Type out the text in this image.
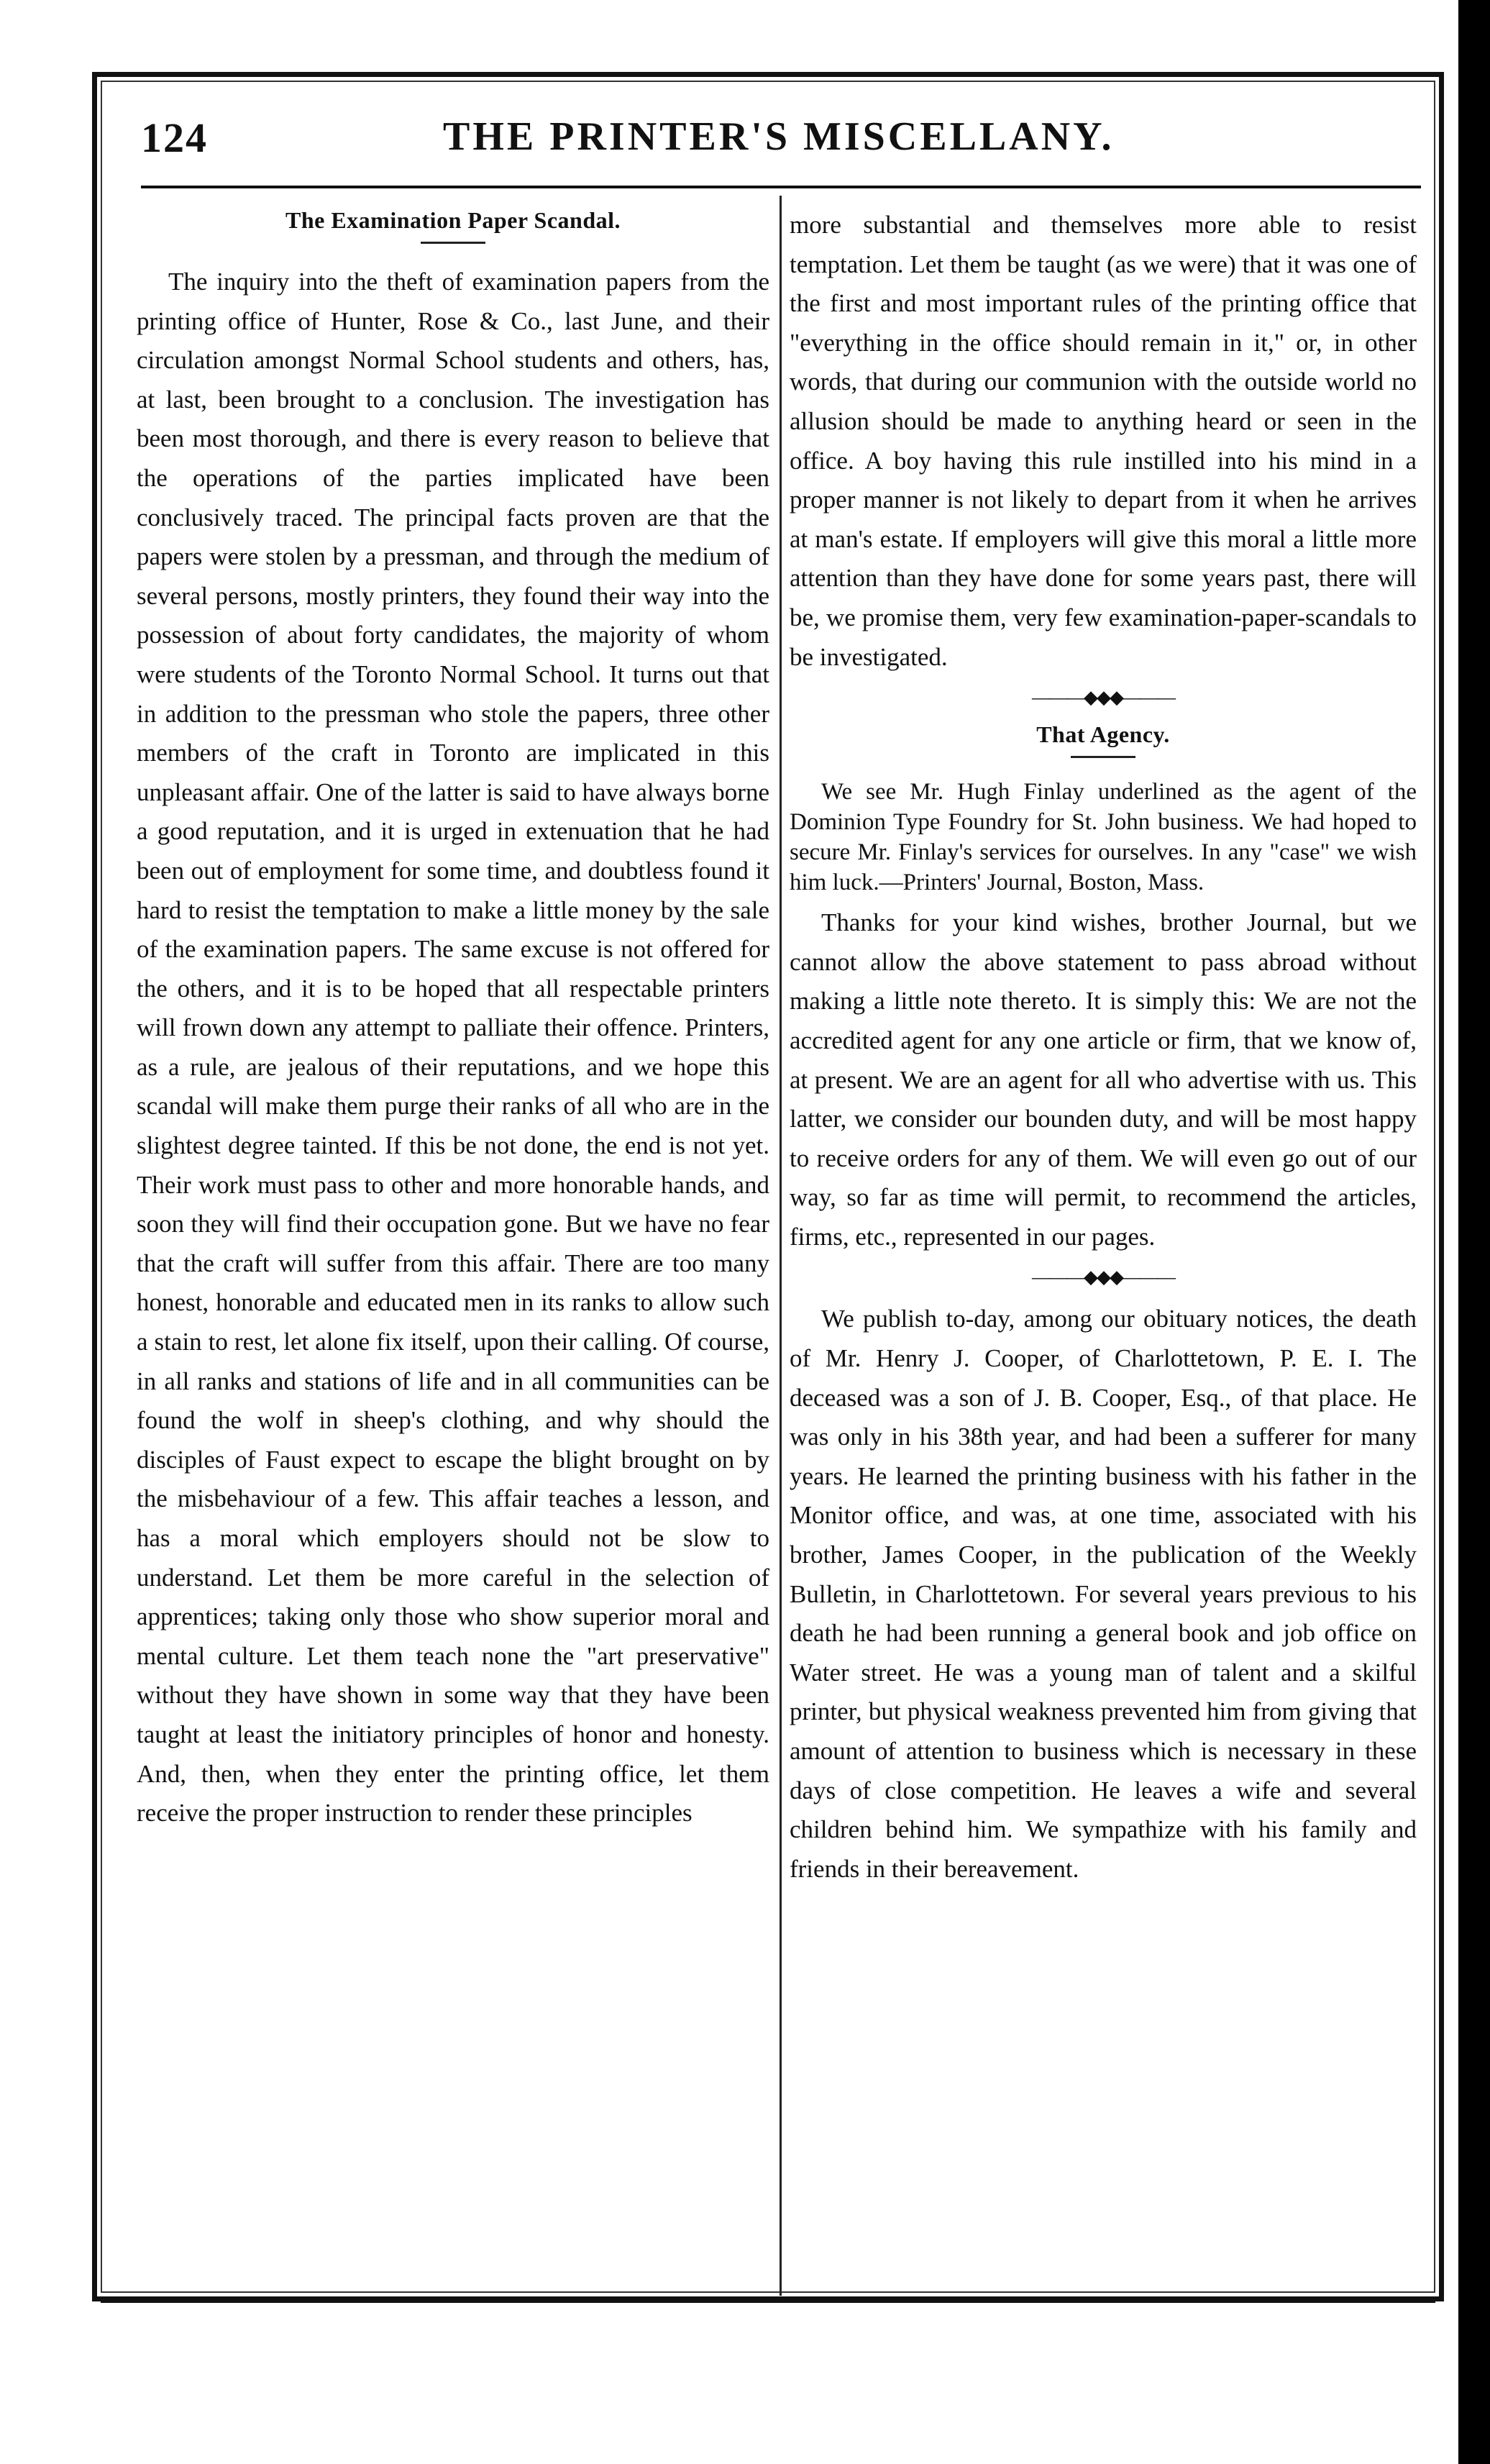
124	THE PRINTER'S MISCELLANY.
The Examination Paper Scandal.

The inquiry into the theft of examination papers from the printing office of Hunter, Rose & Co., last June, and their circulation amongst Normal School students and others, has, at last, been brought to a conclusion. The investigation has been most thorough, and there is every reason to believe that the operations of the parties implicated have been conclusively traced. The principal facts proven are that the papers were stolen by a pressman, and through the medium of several persons, mostly printers, they found their way into the possession of about forty candidates, the majority of whom were students of the Toronto Normal School. It turns out that in addition to the pressman who stole the papers, three other members of the craft in Toronto are implicated in this unpleasant affair. One of the latter is said to have always borne a good reputation, and it is urged in extenuation that he had been out of employment for some time, and doubtless found it hard to resist the temptation to make a little money by the sale of the examination papers. The same excuse is not offered for the others, and it is to be hoped that all respectable printers will frown down any attempt to palliate their offence. Printers, as a rule, are jealous of their reputations, and we hope this scandal will make them purge their ranks of all who are in the slightest degree tainted. If this be not done, the end is not yet. Their work must pass to other and more honorable hands, and soon they will find their occupation gone. But we have no fear that the craft will suffer from this affair. There are too many honest, honorable and educated men in its ranks to allow such a stain to rest, let alone fix itself, upon their calling. Of course, in all ranks and stations of life and in all communities can be found the wolf in sheep's clothing, and why should the disciples of Faust expect to escape the blight brought on by the misbehaviour of a few. This affair teaches a lesson, and has a moral which employers should not be slow to understand. Let them be more careful in the selection of apprentices; taking only those who show superior moral and mental culture. Let them teach none the "art preservative" without they have shown in some way that they have been taught at least the initiatory principles of honor and honesty. And, then, when they enter the printing office, let them receive the proper instruction to render these principles

more substantial and themselves more able to resist temptation. Let them be taught (as we were) that it was one of the first and most important rules of the printing office that "everything in the office should remain in it," or, in other words, that during our communion with the outside world no allusion should be made to anything heard or seen in the office. A boy having this rule instilled into his mind in a proper manner is not likely to depart from it when he arrives at man's estate. If employers will give this moral a little more attention than they have done for some years past, there will be, we promise them, very few examination-paper-scandals to be investigated.

———◆◆◆———
That Agency.

We see Mr. Hugh Finlay underlined as the agent of the Dominion Type Foundry for St. John business. We had hoped to secure Mr. Finlay's services for ourselves. In any "case" we wish him luck.—Printers' Journal, Boston, Mass.

Thanks for your kind wishes, brother Journal, but we cannot allow the above statement to pass abroad without making a little note thereto. It is simply this: We are not the accredited agent for any one article or firm, that we know of, at present. We are an agent for all who advertise with us. This latter, we consider our bounden duty, and will be most happy to receive orders for any of them. We will even go out of our way, so far as time will permit, to recommend the articles, firms, etc., represented in our pages.

———◆◆◆———

We publish to-day, among our obituary notices, the death of Mr. Henry J. Cooper, of Charlottetown, P. E. I. The deceased was a son of J. B. Cooper, Esq., of that place. He was only in his 38th year, and had been a sufferer for many years. He learned the printing business with his father in the Monitor office, and was, at one time, associated with his brother, James Cooper, in the publication of the Weekly Bulletin, in Charlottetown. For several years previous to his death he had been running a general book and job office on Water street. He was a young man of talent and a skilful printer, but physical weakness prevented him from giving that amount of attention to business which is necessary in these days of close competition. He leaves a wife and several children behind him. We sympathize with his family and friends in their bereavement.
